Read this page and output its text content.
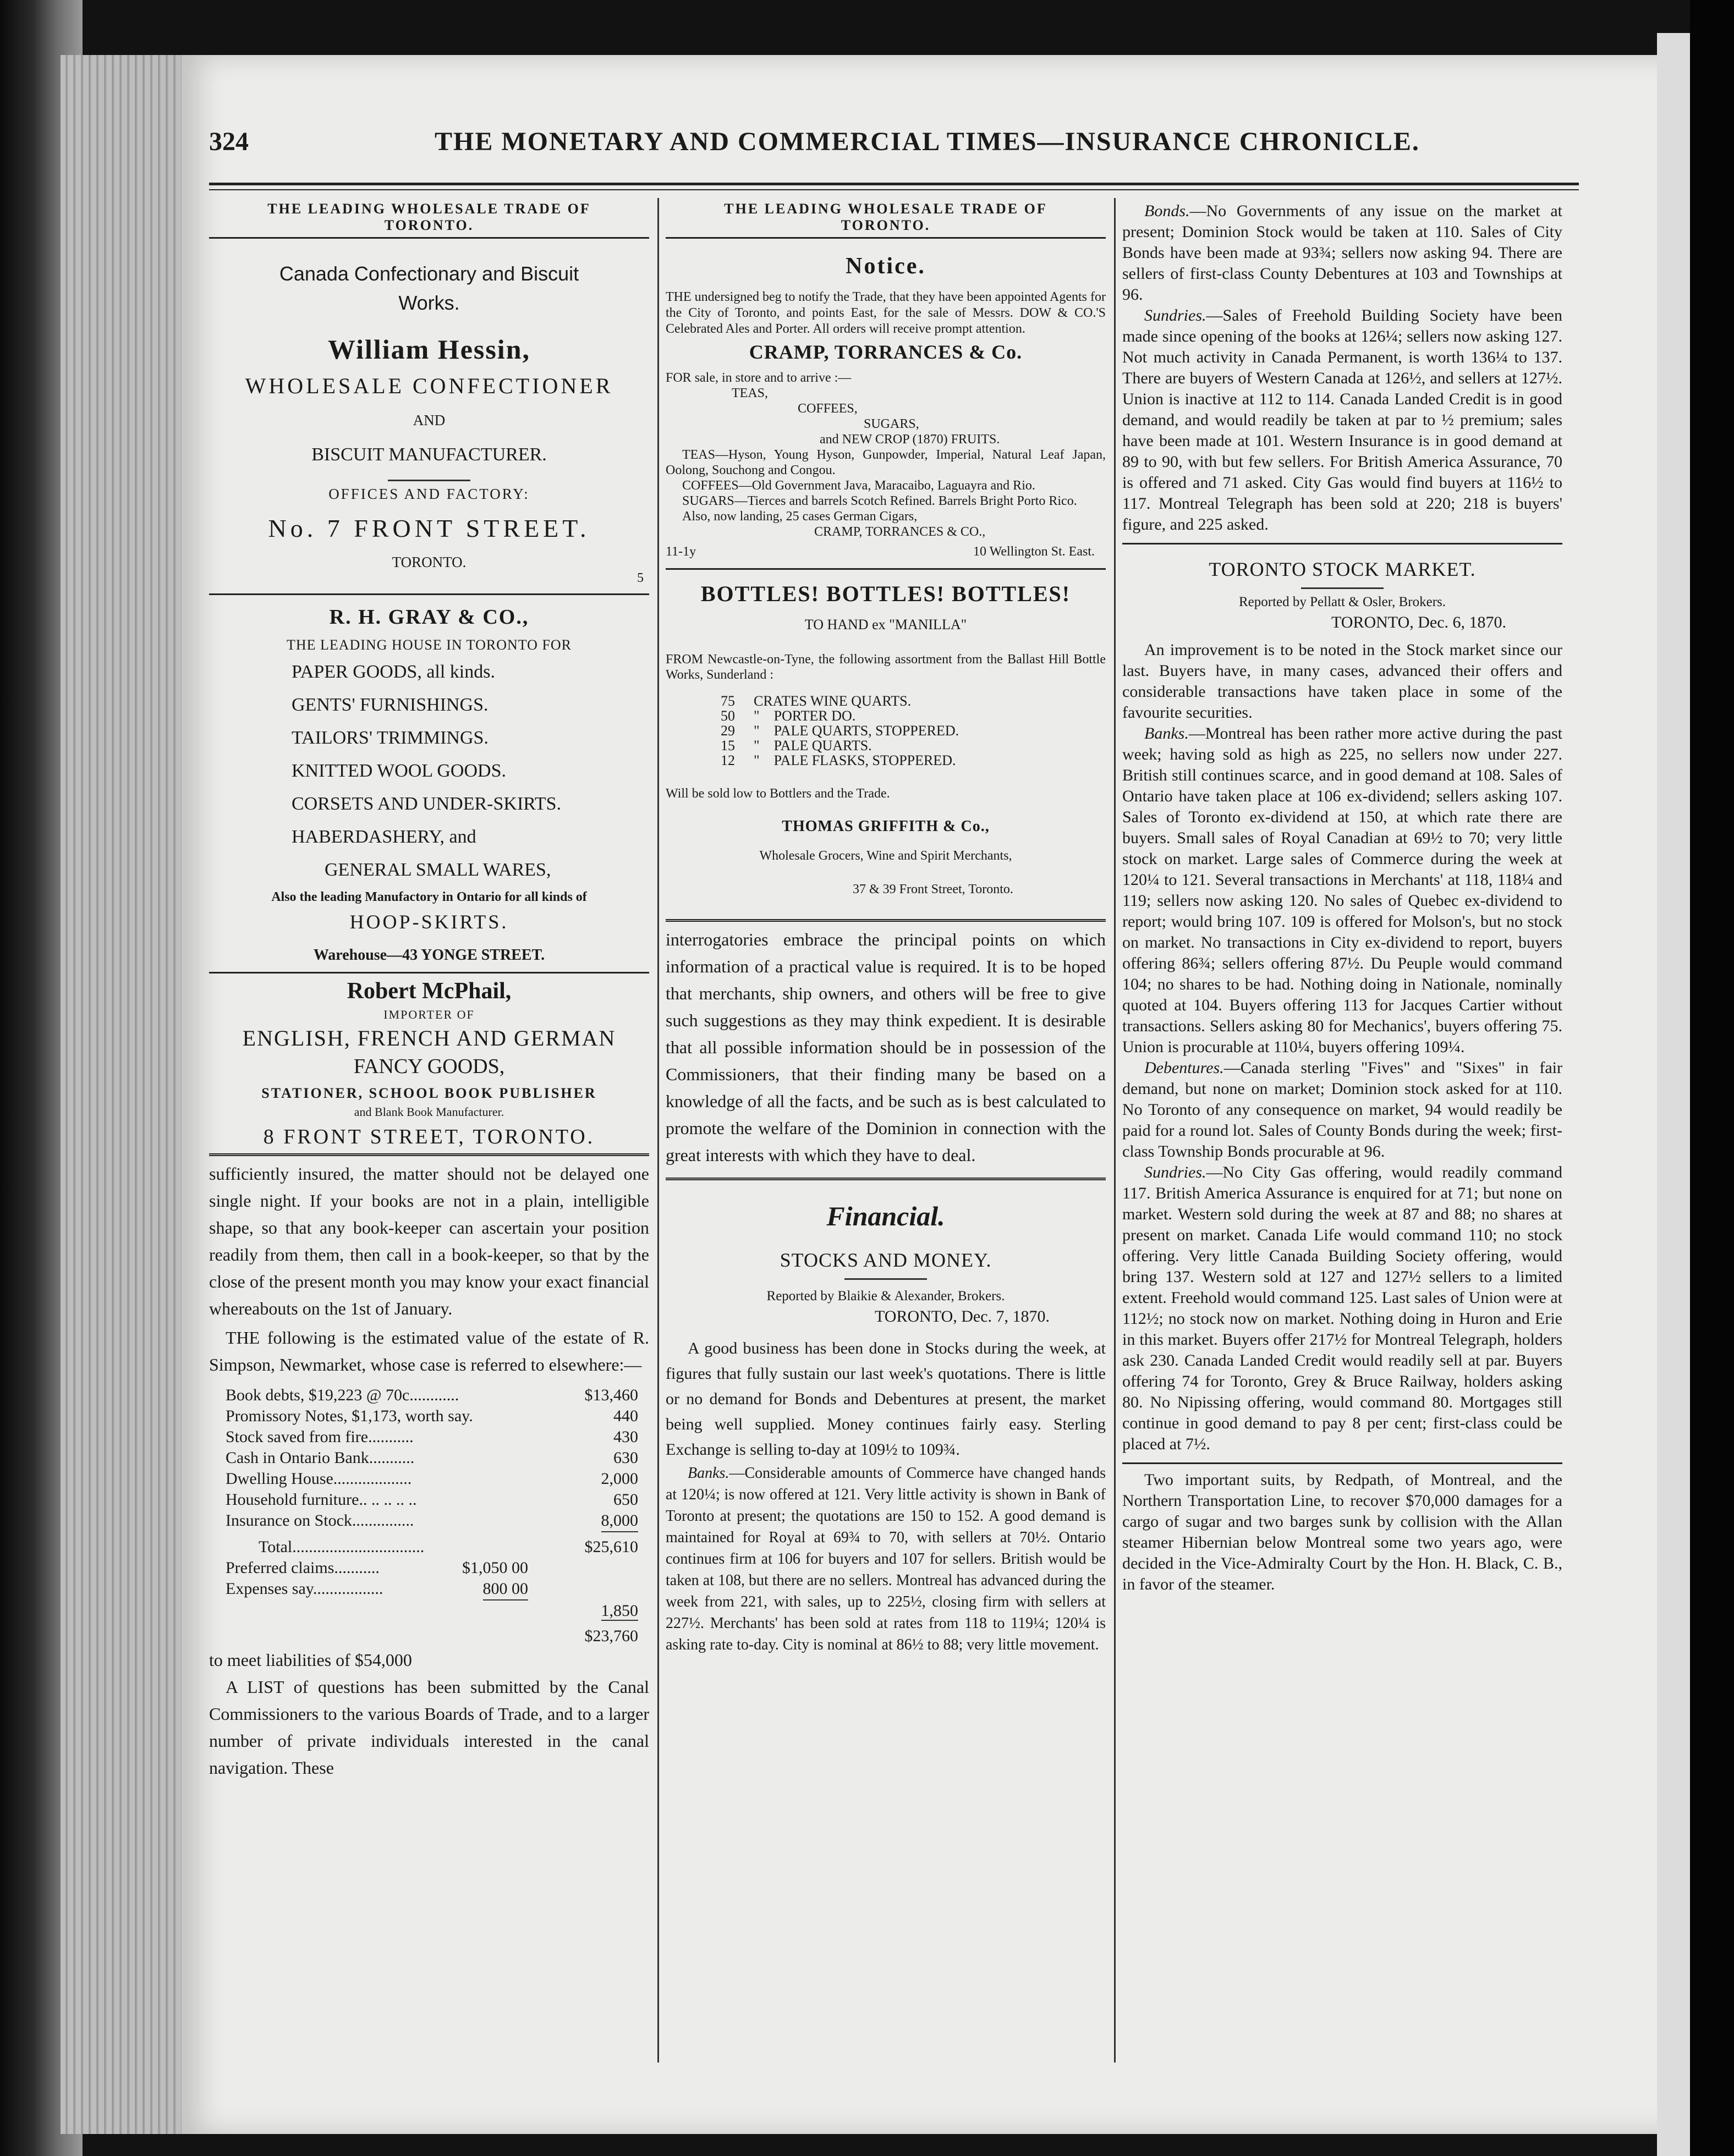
324	THE MONETARY AND COMMERCIAL TIMES—INSURANCE CHRONICLE.
THE LEADING WHOLESALE TRADE OF TORONTO.
Canada Confectionary and Biscuit
Works.
William Hessin,
WHOLESALE CONFECTIONER
AND
BISCUIT MANUFACTURER.
OFFICES AND FACTORY:
No. 7 FRONT STREET.
TORONTO.
5
R. H. GRAY & CO.,
THE LEADING HOUSE IN TORONTO FOR
PAPER GOODS, all kinds.
GENTS' FURNISHINGS.
TAILORS' TRIMMINGS.
KNITTED WOOL GOODS.
CORSETS AND UNDER-SKIRTS.
HABERDASHERY, and
GENERAL SMALL WARES,
Also the leading Manufactory in Ontario for all kinds of
HOOP-SKIRTS.
Warehouse—43 YONGE STREET.
Robert McPhail,
IMPORTER OF
ENGLISH, FRENCH AND GERMAN
FANCY GOODS,
STATIONER, SCHOOL BOOK PUBLISHER
and Blank Book Manufacturer.
8 FRONT STREET, TORONTO.

sufficiently insured, the matter should not be delayed one single night. If your books are not in a plain, intelligible shape, so that any book-keeper can ascertain your position readily from them, then call in a book-keeper, so that by the close of the present month you may know your exact financial whereabouts on the 1st of January.

THE following is the estimated value of the estate of R. Simpson, Newmarket, whose case is referred to elsewhere:—

Book debts, $19,223 @ 70c............	$13,460
Promissory Notes, $1,173, worth say.	440
Stock saved from fire...........	430
Cash in Ontario Bank...........	630
Dwelling House...................	2,000
Household furniture.. .. .. .. ..	650
Insurance on Stock...............	8,000
Total................................	$25,610
Preferred claims...........	$1,050 00
Expenses say.................	800 00
1,850
$23,760

to meet liabilities of $54,000

A LIST of questions has been submitted by the Canal Commissioners to the various Boards of Trade, and to a larger number of private individuals interested in the canal navigation. These

THE LEADING WHOLESALE TRADE OF TORONTO.
Notice.

THE undersigned beg to notify the Trade, that they have been appointed Agents for the City of Toronto, and points East, for the sale of Messrs. DOW & CO.'S Celebrated Ales and Porter. All orders will receive prompt attention.

CRAMP, TORRANCES & Co.
FOR sale, in store and to arrive :—
TEAS,
COFFEES,
SUGARS,
and NEW CROP (1870) FRUITS.

TEAS—Hyson, Young Hyson, Gunpowder, Imperial, Natural Leaf Japan, Oolong, Souchong and Congou.

COFFEES—Old Government Java, Maracaibo, Laguayra and Rio.

SUGARS—Tierces and barrels Scotch Refined. Barrels Bright Porto Rico.

Also, now landing, 25 cases German Cigars,

CRAMP, TORRANCES & CO.,
11-1y	10 Wellington St. East.
BOTTLES! BOTTLES! BOTTLES!
TO HAND ex "MANILLA"

FROM Newcastle-on-Tyne, the following assortment from the Ballast Hill Bottle Works, Sunderland :

75 CRATES WINE QUARTS.
50 "    PORTER DO.
29 "    PALE QUARTS, STOPPERED.
15 "    PALE QUARTS.
12 "    PALE FLASKS, STOPPERED.
Will be sold low to Bottlers and the Trade.
THOMAS GRIFFITH & Co.,
Wholesale Grocers, Wine and Spirit Merchants,
37 & 39 Front Street, Toronto.

interrogatories embrace the principal points on which information of a practical value is required. It is to be hoped that merchants, ship owners, and others will be free to give such suggestions as they may think expedient. It is desirable that all possible information should be in possession of the Commissioners, that their finding many be based on a knowledge of all the facts, and be such as is best calculated to promote the welfare of the Dominion in connection with the great interests with which they have to deal.

Financial.
STOCKS AND MONEY.
Reported by Blaikie & Alexander, Brokers.
TORONTO, Dec. 7, 1870.

A good business has been done in Stocks during the week, at figures that fully sustain our last week's quotations. There is little or no demand for Bonds and Debentures at present, the market being well supplied. Money continues fairly easy. Sterling Exchange is selling to-day at 109½ to 109¾.

Banks.—Considerable amounts of Commerce have changed hands at 120¼; is now offered at 121. Very little activity is shown in Bank of Toronto at present; the quotations are 150 to 152. A good demand is maintained for Royal at 69¾ to 70, with sellers at 70½. Ontario continues firm at 106 for buyers and 107 for sellers. British would be taken at 108, but there are no sellers. Montreal has advanced during the week from 221, with sales, up to 225½, closing firm with sellers at 227½. Merchants' has been sold at rates from 118 to 119¼; 120¼ is asking rate to-day. City is nominal at 86½ to 88; very little movement.

Bonds.—No Governments of any issue on the market at present; Dominion Stock would be taken at 110. Sales of City Bonds have been made at 93¾; sellers now asking 94. There are sellers of first-class County Debentures at 103 and Townships at 96.

Sundries.—Sales of Freehold Building Society have been made since opening of the books at 126¼; sellers now asking 127. Not much activity in Canada Permanent, is worth 136¼ to 137. There are buyers of Western Canada at 126½, and sellers at 127½. Union is inactive at 112 to 114. Canada Landed Credit is in good demand, and would readily be taken at par to ½ premium; sales have been made at 101. Western Insurance is in good demand at 89 to 90, with but few sellers. For British America Assurance, 70 is offered and 71 asked. City Gas would find buyers at 116½ to 117. Montreal Telegraph has been sold at 220; 218 is buyers' figure, and 225 asked.

TORONTO STOCK MARKET.
Reported by Pellatt & Osler, Brokers.
TORONTO, Dec. 6, 1870.

An improvement is to be noted in the Stock market since our last. Buyers have, in many cases, advanced their offers and considerable transactions have taken place in some of the favourite securities.

Banks.—Montreal has been rather more active during the past week; having sold as high as 225, no sellers now under 227. British still continues scarce, and in good demand at 108. Sales of Ontario have taken place at 106 ex-dividend; sellers asking 107. Sales of Toronto ex-dividend at 150, at which rate there are buyers. Small sales of Royal Canadian at 69½ to 70; very little stock on market. Large sales of Commerce during the week at 120¼ to 121. Several transactions in Merchants' at 118, 118¼ and 119; sellers now asking 120. No sales of Quebec ex-dividend to report; would bring 107. 109 is offered for Molson's, but no stock on market. No transactions in City ex-dividend to report, buyers offering 86¾; sellers offering 87½. Du Peuple would command 104; no shares to be had. Nothing doing in Nationale, nominally quoted at 104. Buyers offering 113 for Jacques Cartier without transactions. Sellers asking 80 for Mechanics', buyers offering 75. Union is procurable at 110¼, buyers offering 109¼.

Debentures.—Canada sterling "Fives" and "Sixes" in fair demand, but none on market; Dominion stock asked for at 110. No Toronto of any consequence on market, 94 would readily be paid for a round lot. Sales of County Bonds during the week; first-class Township Bonds procurable at 96.

Sundries.—No City Gas offering, would readily command 117. British America Assurance is enquired for at 71; but none on market. Western sold during the week at 87 and 88; no shares at present on market. Canada Life would command 110; no stock offering. Very little Canada Building Society offering, would bring 137. Western sold at 127 and 127½ sellers to a limited extent. Freehold would command 125. Last sales of Union were at 112½; no stock now on market. Nothing doing in Huron and Erie in this market. Buyers offer 217½ for Montreal Telegraph, holders ask 230. Canada Landed Credit would readily sell at par. Buyers offering 74 for Toronto, Grey & Bruce Railway, holders asking 80. No Nipissing offering, would command 80. Mortgages still continue in good demand to pay 8 per cent; first-class could be placed at 7½.

Two important suits, by Redpath, of Montreal, and the Northern Transportation Line, to recover $70,000 damages for a cargo of sugar and two barges sunk by collision with the Allan steamer Hibernian below Montreal some two years ago, were decided in the Vice-Admiralty Court by the Hon. H. Black, C. B., in favor of the steamer.
